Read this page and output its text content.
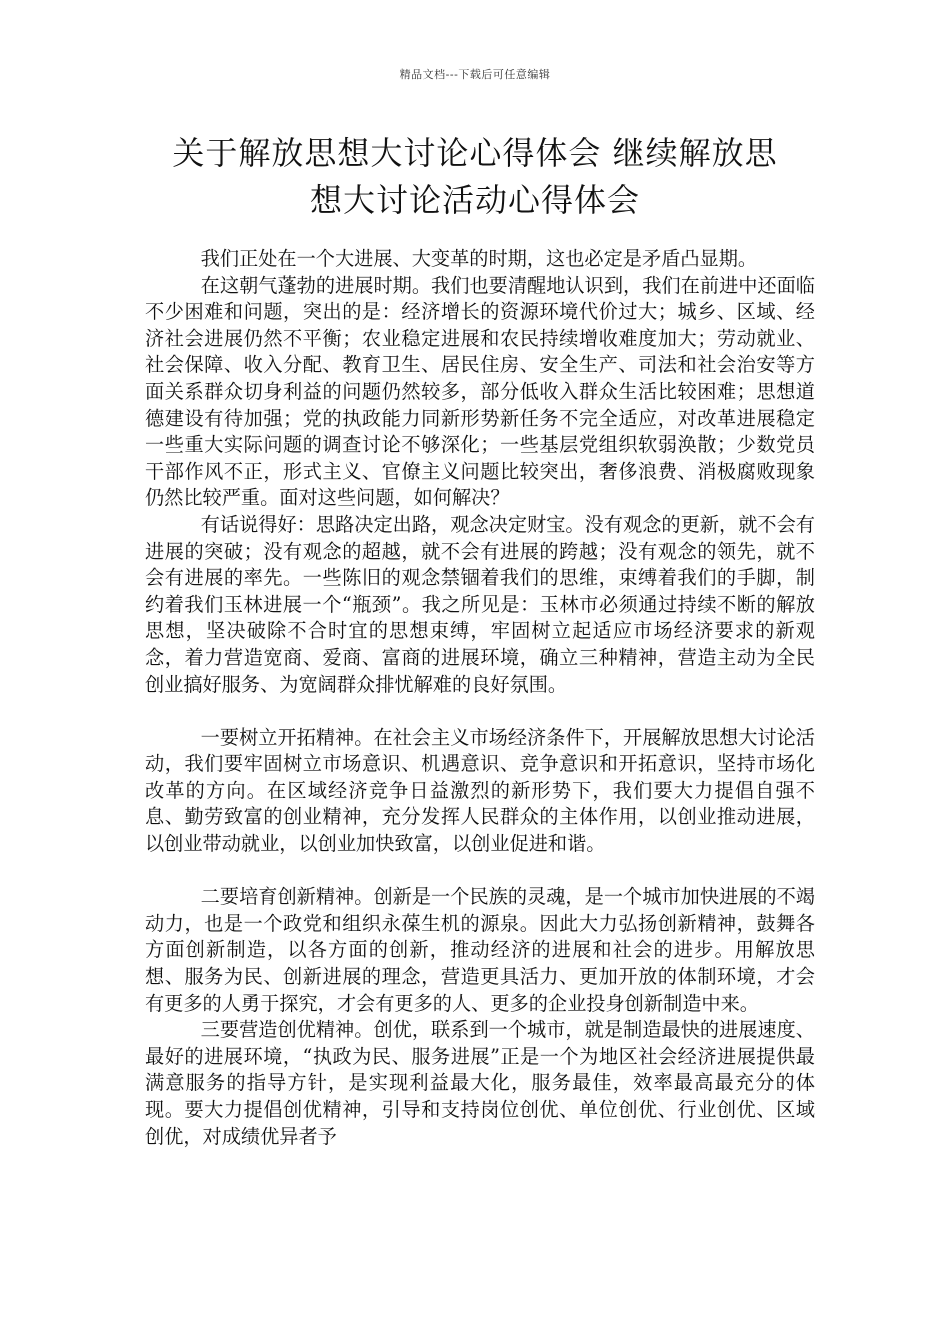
精品文档---下载后可任意编辑
关于解放思想大讨论心得体会 继续解放思
想大讨论活动心得体会

我们正处在一个大进展、大变革的时期，这也必定是矛盾凸显期。

在这朝气蓬勃的进展时期。我们也要清醒地认识到，我们在前进中还面临不少困难和问题，突出的是：经济增长的资源环境代价过大；城乡、区域、经济社会进展仍然不平衡；农业稳定进展和农民持续增收难度加大；劳动就业、社会保障、收入分配、教育卫生、居民住房、安全生产、司法和社会治安等方面关系群众切身利益的问题仍然较多，部分低收入群众生活比较困难；思想道德建设有待加强；党的执政能力同新形势新任务不完全适应，对改革进展稳定一些重大实际问题的调查讨论不够深化；一些基层党组织软弱涣散；少数党员干部作风不正，形式主义、官僚主义问题比较突出，奢侈浪费、消极腐败现象仍然比较严重。面对这些问题，如何解决？

有话说得好：思路决定出路，观念决定财宝。没有观念的更新，就不会有进展的突破；没有观念的超越，就不会有进展的跨越；没有观念的领先，就不会有进展的率先。一些陈旧的观念禁锢着我们的思维，束缚着我们的手脚，制约着我们玉林进展一个“瓶颈”。我之所见是：玉林市必须通过持续不断的解放思想，坚决破除不合时宜的思想束缚，牢固树立起适应市场经济要求的新观念，着力营造宽商、爱商、富商的进展环境，确立三种精神，营造主动为全民创业搞好服务、为宽阔群众排忧解难的良好氛围。

一要树立开拓精神。在社会主义市场经济条件下，开展解放思想大讨论活动，我们要牢固树立市场意识、机遇意识、竞争意识和开拓意识，坚持市场化改革的方向。在区域经济竞争日益激烈的新形势下，我们要大力提倡自强不息、勤劳致富的创业精神，充分发挥人民群众的主体作用，以创业推动进展，以创业带动就业，以创业加快致富，以创业促进和谐。

二要培育创新精神。创新是一个民族的灵魂，是一个城市加快进展的不竭动力，也是一个政党和组织永葆生机的源泉。因此大力弘扬创新精神，鼓舞各方面创新制造，以各方面的创新，推动经济的进展和社会的进步。用解放思想、服务为民、创新进展的理念，营造更具活力、更加开放的体制环境，才会有更多的人勇于探究，才会有更多的人、更多的企业投身创新制造中来。

三要营造创优精神。创优，联系到一个城市，就是制造最快的进展速度、最好的进展环境，“执政为民、服务进展”正是一个为地区社会经济进展提供最满意服务的指导方针，是实现利益最大化，服务最佳，效率最高最充分的体现。要大力提倡创优精神，引导和支持岗位创优、单位创优、行业创优、区域创优，对成绩优异者予
